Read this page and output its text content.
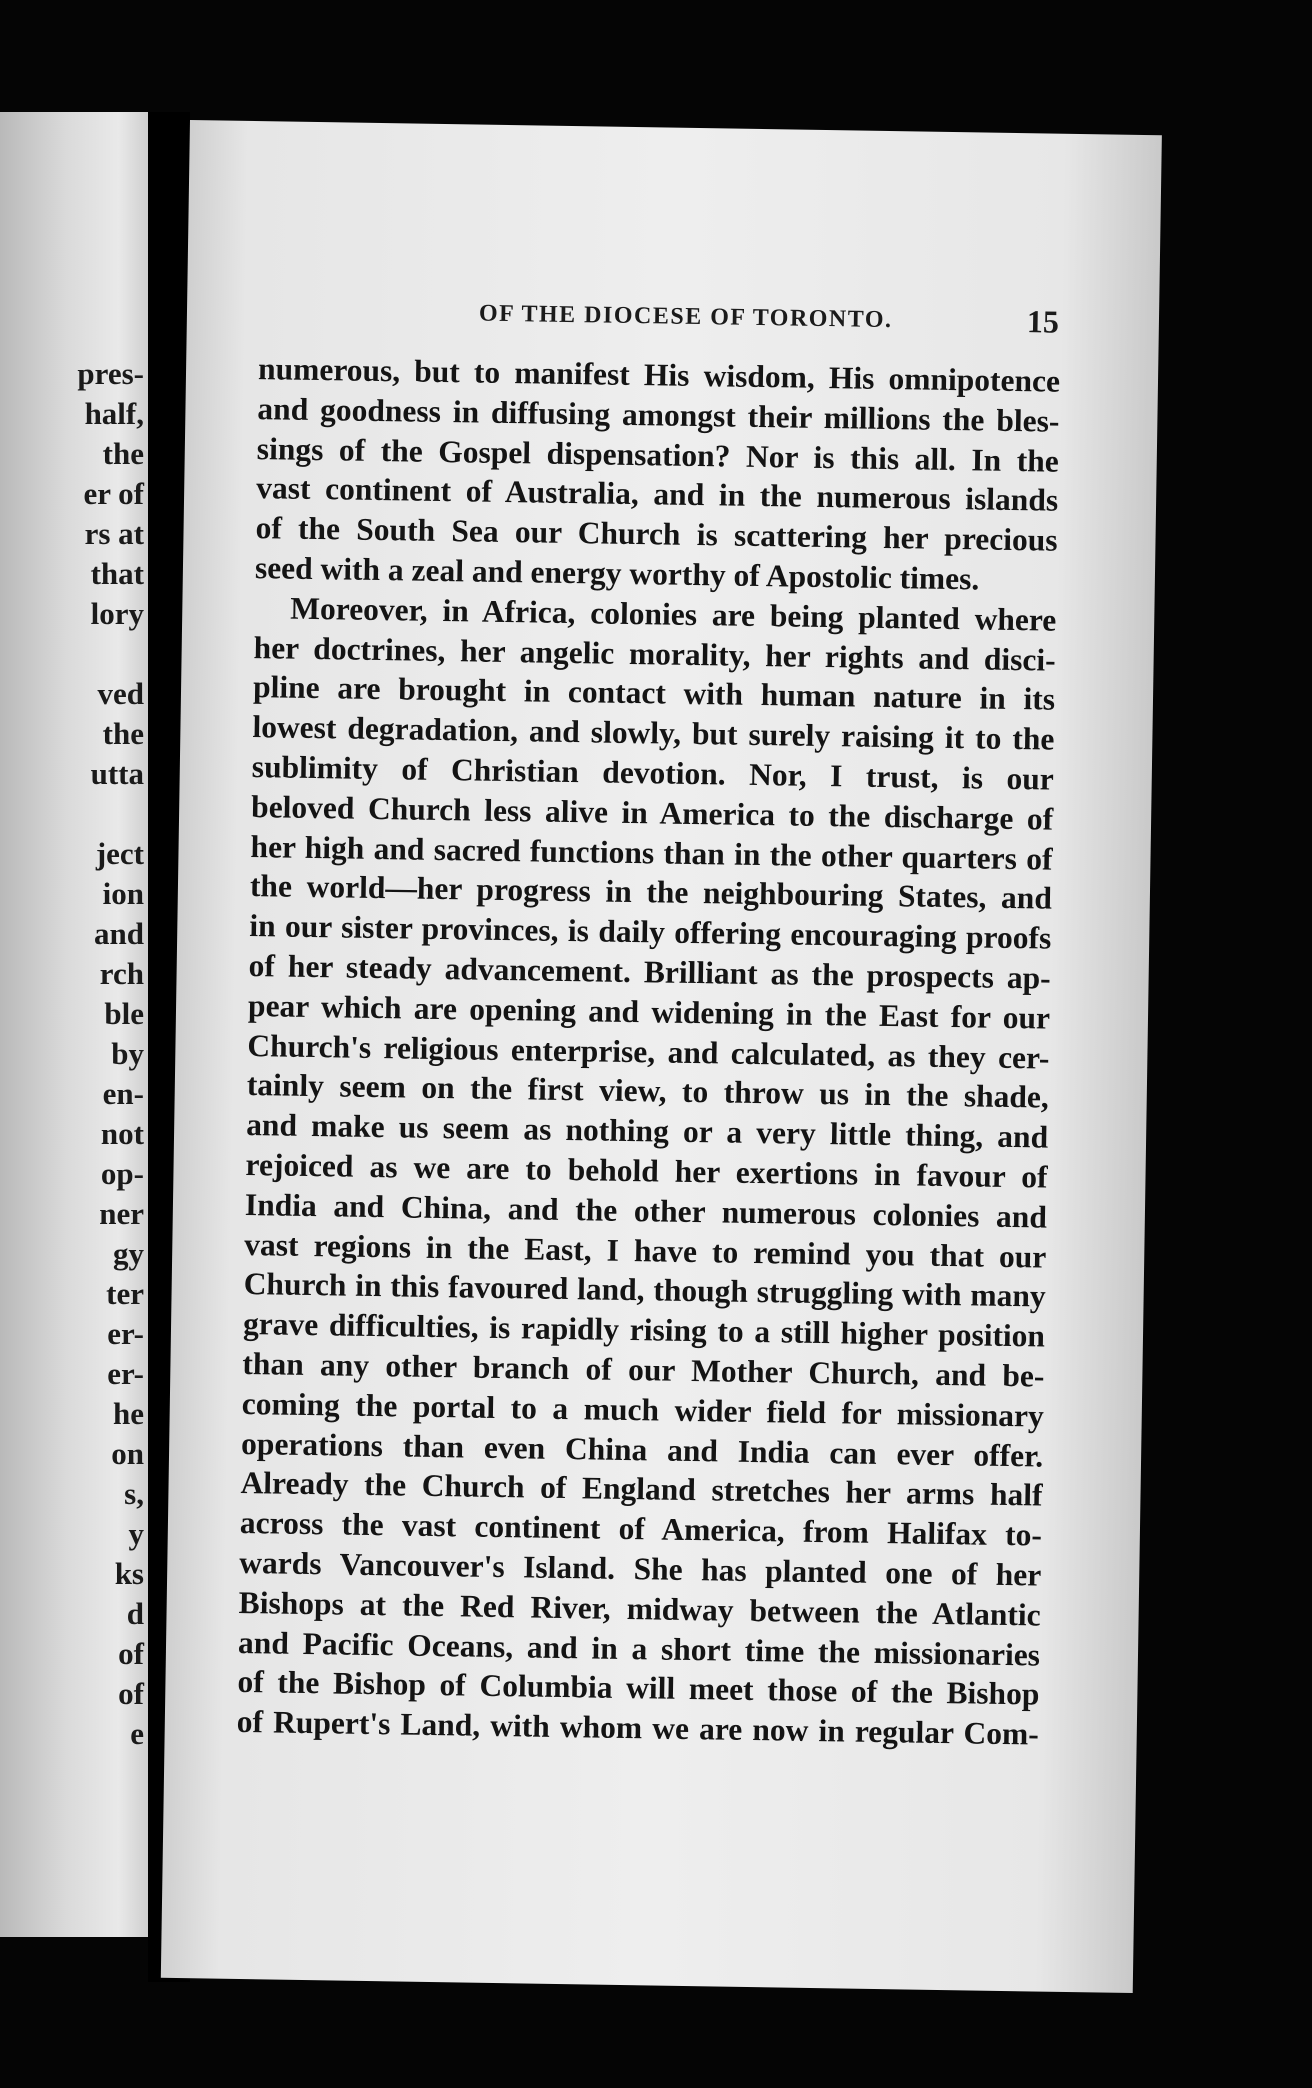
pres-
half,
the
er of
rs at
that
lory
ved
the
utta
ject
ion
and
rch
ble
by
en-
not
op-
ner
gy
ter
er-
er-
he
on
s,
y
ks
d
of
of
e
OF THE DIOCESE OF TORONTO.	15
numerous, but to manifest His wisdom, His omnipotence
and goodness in diffusing amongst their millions the bles-
sings of the Gospel dispensation? Nor is this all. In the
vast continent of Australia, and in the numerous islands
of the South Sea our Church is scattering her precious
seed with a zeal and energy worthy of Apostolic times.
Moreover, in Africa, colonies are being planted where
her doctrines, her angelic morality, her rights and disci-
pline are brought in contact with human nature in its
lowest degradation, and slowly, but surely raising it to the
sublimity of Christian devotion. Nor, I trust, is our
beloved Church less alive in America to the discharge of
her high and sacred functions than in the other quarters of
the world—her progress in the neighbouring States, and
in our sister provinces, is daily offering encouraging proofs
of her steady advancement. Brilliant as the prospects ap-
pear which are opening and widening in the East for our
Church's religious enterprise, and calculated, as they cer-
tainly seem on the first view, to throw us in the shade,
and make us seem as nothing or a very little thing, and
rejoiced as we are to behold her exertions in favour of
India and China, and the other numerous colonies and
vast regions in the East, I have to remind you that our
Church in this favoured land, though struggling with many
grave difficulties, is rapidly rising to a still higher position
than any other branch of our Mother Church, and be-
coming the portal to a much wider field for missionary
operations than even China and India can ever offer.
Already the Church of England stretches her arms half
across the vast continent of America, from Halifax to-
wards Vancouver's Island. She has planted one of her
Bishops at the Red River, midway between the Atlantic
and Pacific Oceans, and in a short time the missionaries
of the Bishop of Columbia will meet those of the Bishop
of Rupert's Land, with whom we are now in regular Com-
